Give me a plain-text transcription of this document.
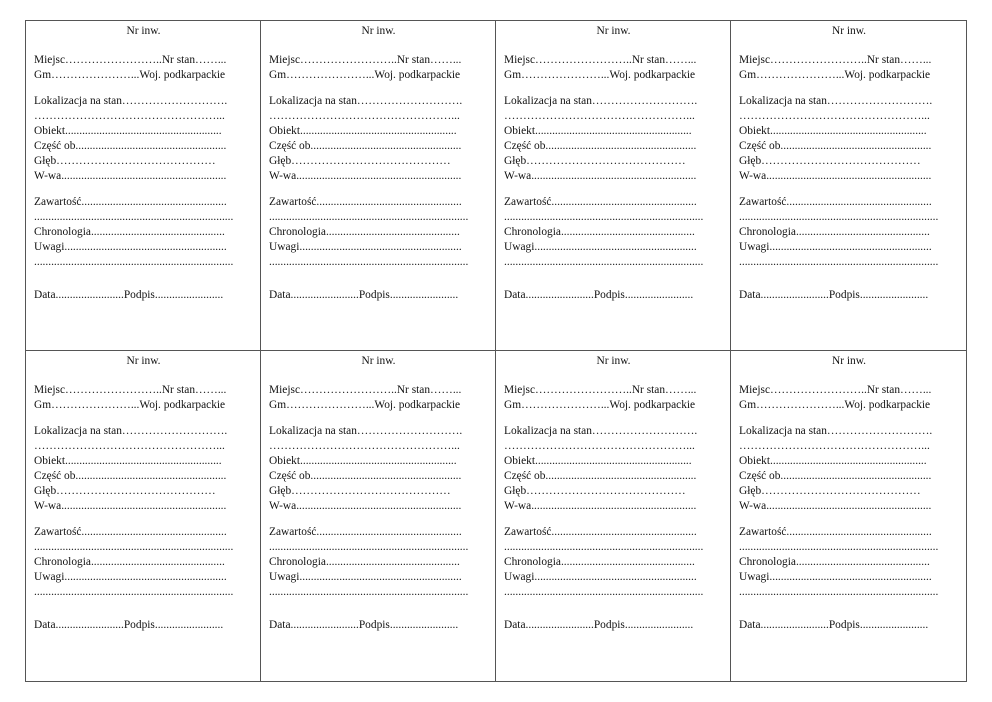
Nr inw.
Miejsc……………………..Nr stan……...
Gm…………………...Woj. podkarpackie
Lokalizacja na stan……………………….
…………………………………………...
Obiekt.......................................................
Część ob.....................................................
Głęb……………………………………
W-wa..........................................................
Zawartość...................................................
......................................................................
Chronologia...............................................
Uwagi.........................................................
......................................................................
Data........................Podpis........................
Nr inw.
Miejsc……………………..Nr stan……...
Gm…………………...Woj. podkarpackie
Lokalizacja na stan……………………….
…………………………………………...
Obiekt.......................................................
Część ob.....................................................
Głęb……………………………………
W-wa..........................................................
Zawartość...................................................
......................................................................
Chronologia...............................................
Uwagi.........................................................
......................................................................
Data........................Podpis........................
Nr inw.
Miejsc……………………..Nr stan……...
Gm…………………...Woj. podkarpackie
Lokalizacja na stan……………………….
…………………………………………...
Obiekt.......................................................
Część ob.....................................................
Głęb……………………………………
W-wa..........................................................
Zawartość...................................................
......................................................................
Chronologia...............................................
Uwagi.........................................................
......................................................................
Data........................Podpis........................
Nr inw.
Miejsc……………………..Nr stan……...
Gm…………………...Woj. podkarpackie
Lokalizacja na stan……………………….
…………………………………………...
Obiekt.......................................................
Część ob.....................................................
Głęb……………………………………
W-wa..........................................................
Zawartość...................................................
......................................................................
Chronologia...............................................
Uwagi.........................................................
......................................................................
Data........................Podpis........................
Nr inw.
Miejsc……………………..Nr stan……...
Gm…………………...Woj. podkarpackie
Lokalizacja na stan……………………….
…………………………………………...
Obiekt.......................................................
Część ob.....................................................
Głęb……………………………………
W-wa..........................................................
Zawartość...................................................
......................................................................
Chronologia...............................................
Uwagi.........................................................
......................................................................
Data........................Podpis........................
Nr inw.
Miejsc……………………..Nr stan……...
Gm…………………...Woj. podkarpackie
Lokalizacja na stan……………………….
…………………………………………...
Obiekt.......................................................
Część ob.....................................................
Głęb……………………………………
W-wa..........................................................
Zawartość...................................................
......................................................................
Chronologia...............................................
Uwagi.........................................................
......................................................................
Data........................Podpis........................
Nr inw.
Miejsc……………………..Nr stan……...
Gm…………………...Woj. podkarpackie
Lokalizacja na stan……………………….
…………………………………………...
Obiekt.......................................................
Część ob.....................................................
Głęb……………………………………
W-wa..........................................................
Zawartość...................................................
......................................................................
Chronologia...............................................
Uwagi.........................................................
......................................................................
Data........................Podpis........................
Nr inw.
Miejsc……………………..Nr stan……...
Gm…………………...Woj. podkarpackie
Lokalizacja na stan……………………….
…………………………………………...
Obiekt.......................................................
Część ob.....................................................
Głęb……………………………………
W-wa..........................................................
Zawartość...................................................
......................................................................
Chronologia...............................................
Uwagi.........................................................
......................................................................
Data........................Podpis........................
